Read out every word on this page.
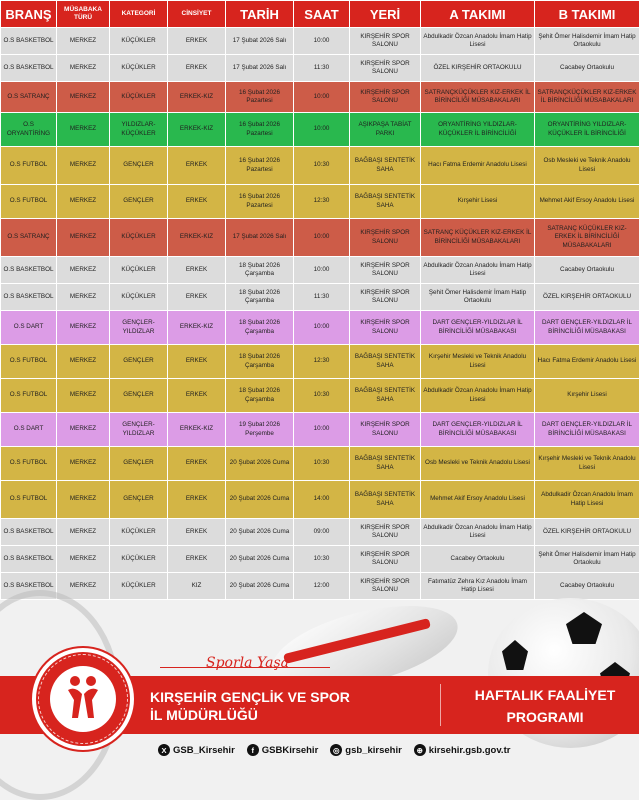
BRANŞ	MÜSABAKA TÜRÜ	KATEGORİ	CİNSİYET	TARİH	SAAT	YERİ	A TAKIMI	B TAKIMI
O.S BASKETBOL	MERKEZ	KÜÇÜKLER	ERKEK	17 Şubat 2026 Salı	10:00	KIRŞEHİR SPOR SALONU	Abdulkadir Özcan Anadolu İmam Hatip Lisesi	Şehit Ömer Halisdemir İmam Hatip Ortaokulu
O.S BASKETBOL	MERKEZ	KÜÇÜKLER	ERKEK	17 Şubat 2026 Salı	11:30	KIRŞEHİR SPOR SALONU	ÖZEL KIRŞEHİR ORTAOKULU	Cacabey Ortaokulu
O.S SATRANÇ	MERKEZ	KÜÇÜKLER	ERKEK-KIZ	16 Şubat 2026 Pazartesi	10:00	KIRŞEHİR SPOR SALONU	SATRANÇKÜÇÜKLER KIZ-ERKEK İL BİRİNCİLİĞİ MÜSABAKALARI	SATRANÇKÜÇÜKLER KIZ-ERKEK İL BİRİNCİLİĞİ MÜSABAKALARI
O.S ORYANTİRİNG	MERKEZ	YILDIZLAR-KÜÇÜKLER	ERKEK-KIZ	16 Şubat 2026 Pazartesi	10:00	AŞIKPAŞA TABİAT PARKI	ORYANTİRİNG YILDIZLAR-KÜÇÜKLER İL BİRİNCİLİĞİ	ORYANTİRİNG YILDIZLAR-KÜÇÜKLER İL BİRİNCİLİĞİ
O.S FUTBOL	MERKEZ	GENÇLER	ERKEK	16 Şubat 2026 Pazartesi	10:30	BAĞBAŞI SENTETİK SAHA	Hacı Fatma Erdemir Anadolu Lisesi	Osb Mesleki ve Teknik Anadolu Lisesi
O.S FUTBOL	MERKEZ	GENÇLER	ERKEK	16 Şubat 2026 Pazartesi	12:30	BAĞBAŞI SENTETİK SAHA	Kırşehir Lisesi	Mehmet Akif Ersoy Anadolu Lisesi
O.S SATRANÇ	MERKEZ	KÜÇÜKLER	ERKEK-KIZ	17 Şubat 2026 Salı	10:00	KIRŞEHİR SPOR SALONU	SATRANÇ KÜÇÜKLER KIZ-ERKEK İL BİRİNCİLİĞİ MÜSABAKALARI	SATRANÇ KÜÇÜKLER KIZ-ERKEK İL BİRİNCİLİĞİ MÜSABAKALARI
O.S BASKETBOL	MERKEZ	KÜÇÜKLER	ERKEK	18 Şubat 2026 Çarşamba	10:00	KIRŞEHİR SPOR SALONU	Abdulkadir Özcan Anadolu İmam Hatip Lisesi	Cacabey Ortaokulu
O.S BASKETBOL	MERKEZ	KÜÇÜKLER	ERKEK	18 Şubat 2026 Çarşamba	11:30	KIRŞEHİR SPOR SALONU	Şehit Ömer Halisdemir İmam Hatip Ortaokulu	ÖZEL KIRŞEHİR ORTAOKULU
O.S DART	MERKEZ	GENÇLER-YILDIZLAR	ERKEK-KIZ	18 Şubat 2026 Çarşamba	10:00	KIRŞEHİR SPOR SALONU	DART GENÇLER-YILDIZLAR İL BİRİNCİLİĞİ MÜSABAKASI	DART GENÇLER-YILDIZLAR İL BİRİNCİLİĞİ MÜSABAKASI
O.S FUTBOL	MERKEZ	GENÇLER	ERKEK	18 Şubat 2026 Çarşamba	12:30	BAĞBAŞI SENTETİK SAHA	Kırşehir Mesleki ve Teknik Anadolu Lisesi	Hacı Fatma Erdemir Anadolu Lisesi
O.S FUTBOL	MERKEZ	GENÇLER	ERKEK	18 Şubat 2026 Çarşamba	10:30	BAĞBAŞI SENTETİK SAHA	Abdulkadir Özcan Anadolu İmam Hatip Lisesi	Kırşehir Lisesi
O.S DART	MERKEZ	GENÇLER-YILDIZLAR	ERKEK-KIZ	19 Şubat 2026 Perşembe	10:00	KIRŞEHİR SPOR SALONU	DART GENÇLER-YILDIZLAR İL BİRİNCİLİĞİ MÜSABAKASI	DART GENÇLER-YILDIZLAR İL BİRİNCİLİĞİ MÜSABAKASI
O.S FUTBOL	MERKEZ	GENÇLER	ERKEK	20 Şubat 2026 Cuma	10:30	BAĞBAŞI SENTETİK SAHA	Osb Mesleki ve Teknik Anadolu Lisesi	Kırşehir Mesleki ve Teknik Anadolu Lisesi
O.S FUTBOL	MERKEZ	GENÇLER	ERKEK	20 Şubat 2026 Cuma	14:00	BAĞBAŞI SENTETİK SAHA	Mehmet Akif Ersoy Anadolu Lisesi	Abdulkadir Özcan Anadolu İmam Hatip Lisesi
O.S BASKETBOL	MERKEZ	KÜÇÜKLER	ERKEK	20 Şubat 2026 Cuma	09:00	KIRŞEHİR SPOR SALONU	Abdulkadir Özcan Anadolu İmam Hatip Lisesi	ÖZEL KIRŞEHİR ORTAOKULU
O.S BASKETBOL	MERKEZ	KÜÇÜKLER	ERKEK	20 Şubat 2026 Cuma	10:30	KIRŞEHİR SPOR SALONU	Cacabey Ortaokulu	Şehit Ömer Halisdemir İmam Hatip Ortaokulu
O.S BASKETBOL	MERKEZ	KÜÇÜKLER	KIZ	20 Şubat 2026 Cuma	12:00	KIRŞEHİR SPOR SALONU	Fatımatüz Zehra Kız Anadolu İmam Hatip Lisesi	Cacabey Ortaokulu
Sporla Yaşa
KIRŞEHİR GENÇLİK VE SPOR
İL MÜDÜRLÜĞÜ
HAFTALIK FAALİYET
PROGRAMI
X GSB_Kirsehir	f GSBKirsehir	◎ gsb_kirsehir	⊕ kirsehir.gsb.gov.tr
